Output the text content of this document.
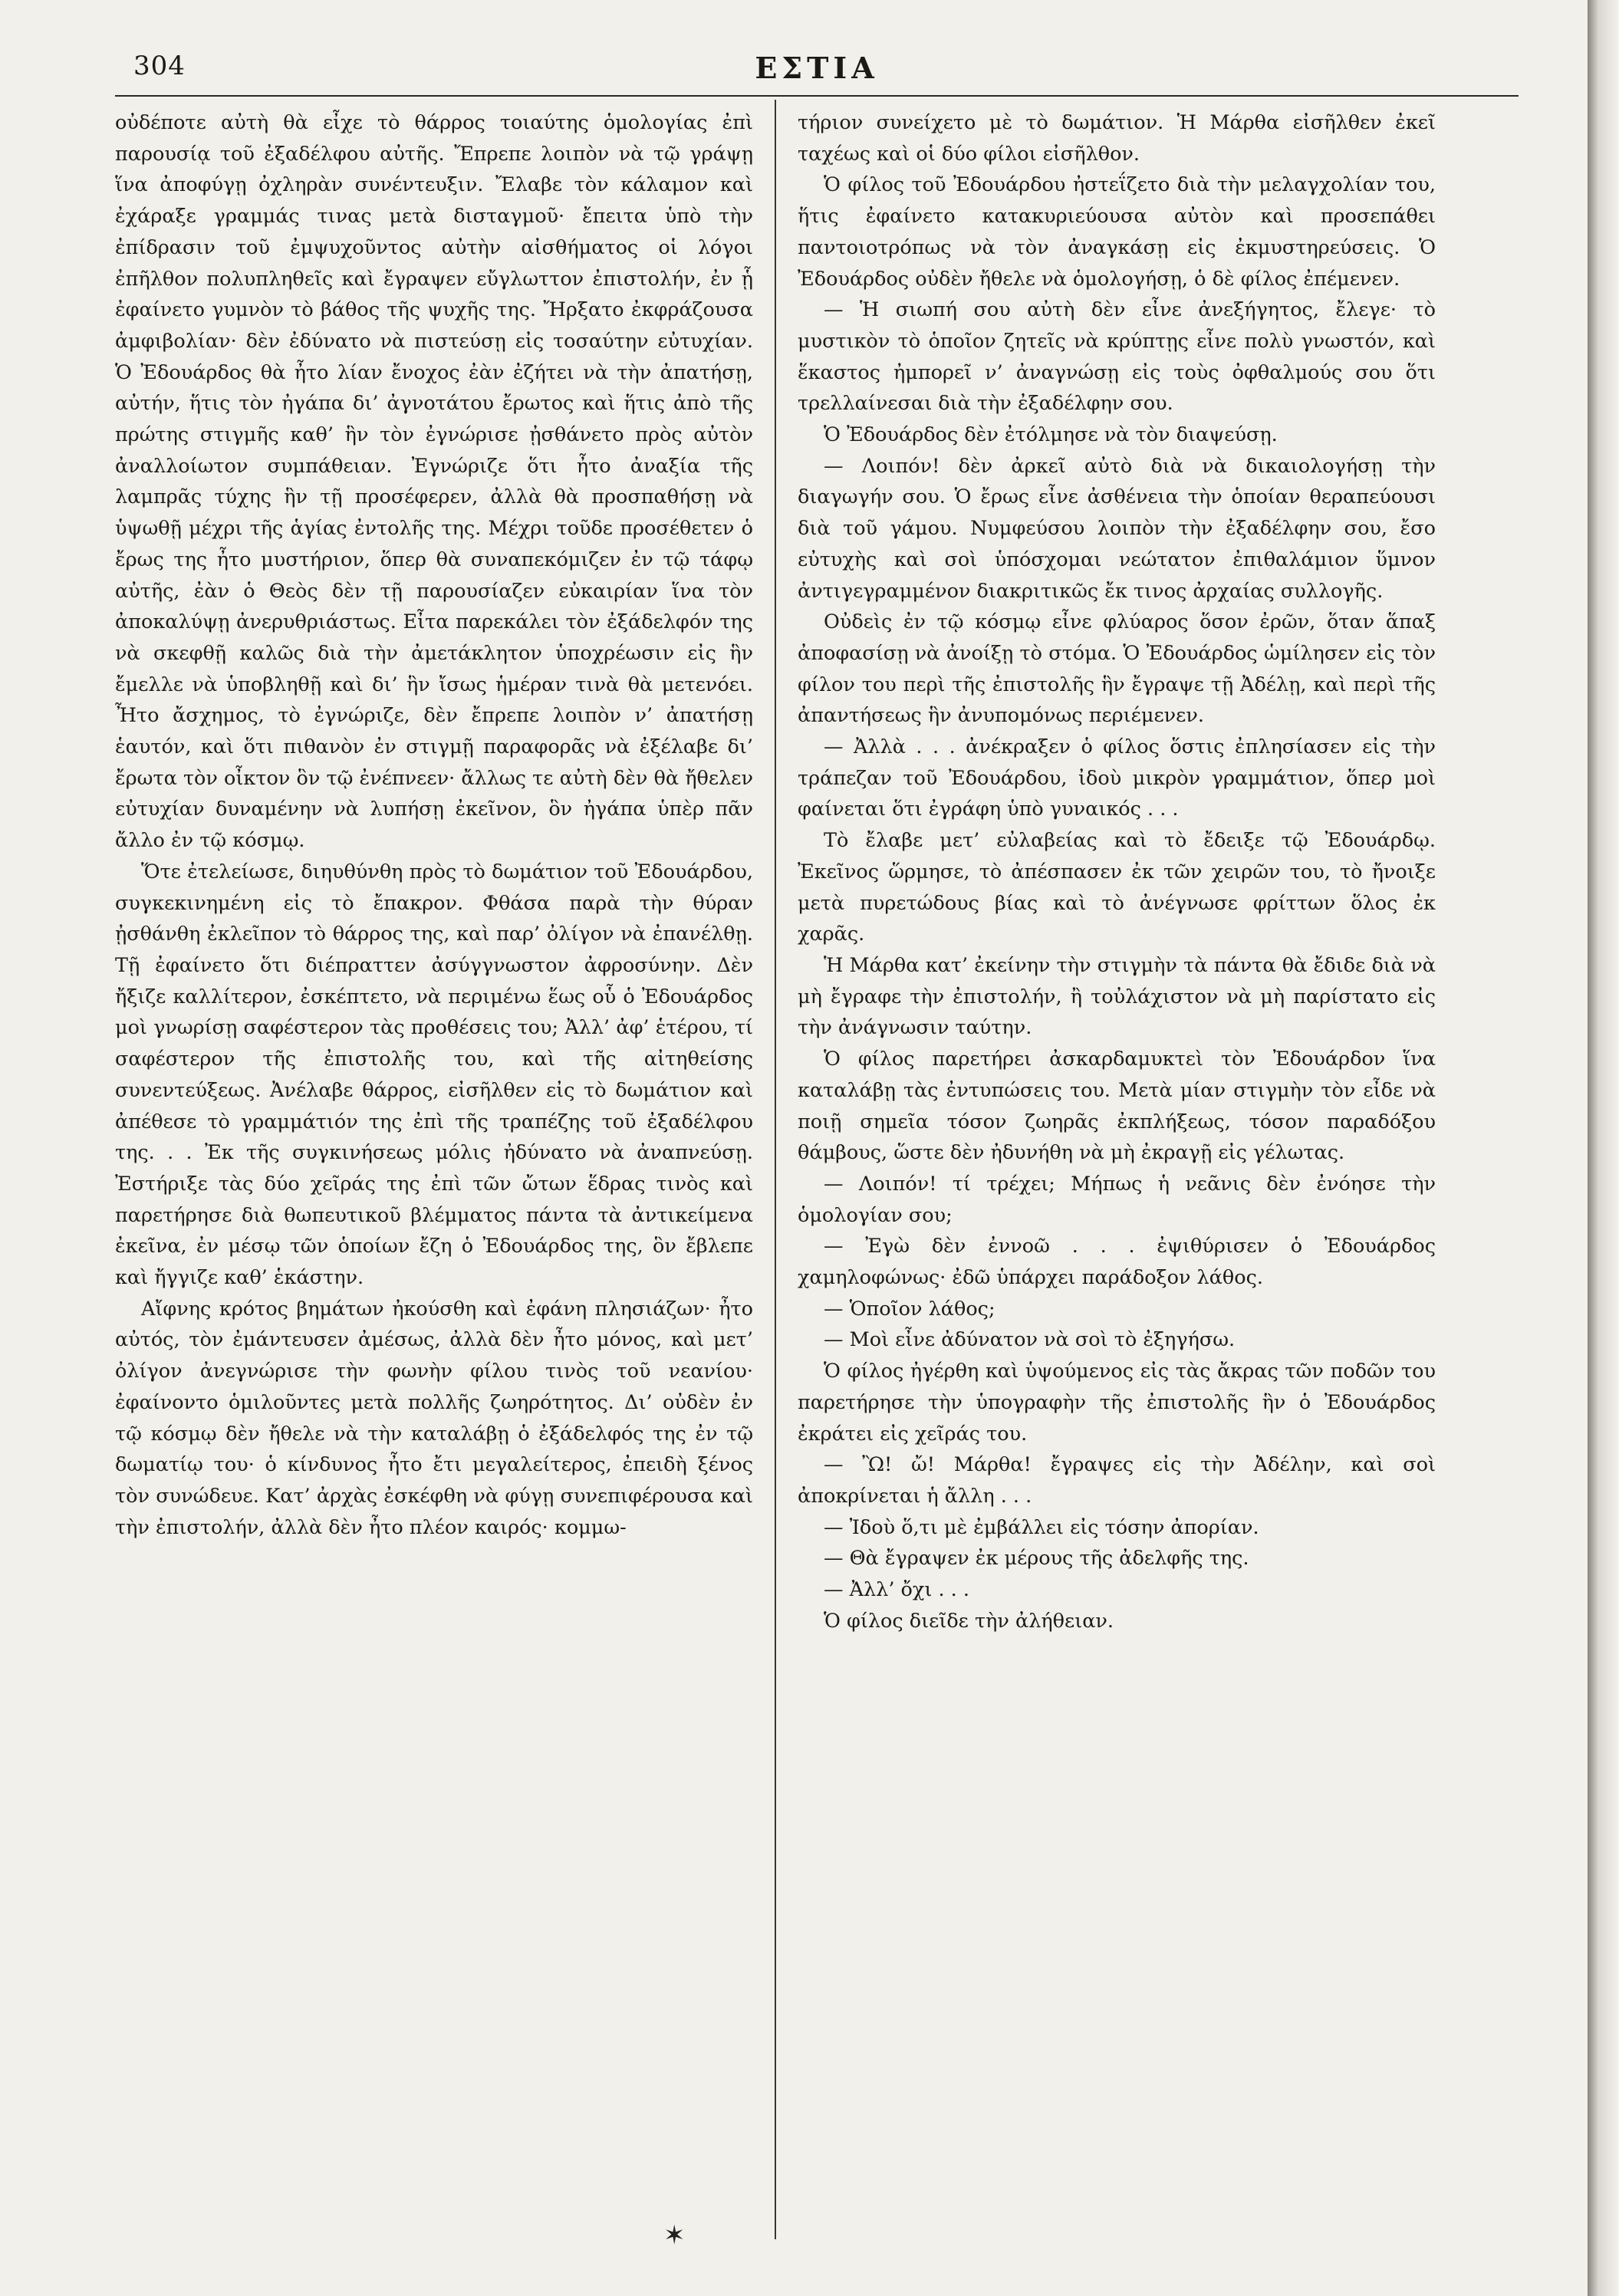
304	ΕΣΤΙΑ

οὐδέποτε αὐτὴ θὰ εἶχε τὸ θάρρος τοιαύτης ὁμολογίας ἐπὶ παρουσίᾳ τοῦ ἐξαδέλφου αὐτῆς. Ἔπρεπε λοιπὸν νὰ τῷ γράψῃ ἵνα ἀποφύγῃ ὀχληρὰν συνέντευξιν. Ἔλαβε τὸν κάλαμον καὶ ἐχάραξε γραμμάς τινας μετὰ δισταγμοῦ· ἔπειτα ὑπὸ τὴν ἐπίδρασιν τοῦ ἐμψυχοῦντος αὐτὴν αἰσθήματος οἱ λόγοι ἐπῆλθον πολυπληθεῖς καὶ ἔγραψεν εὔγλωττον ἐπιστολήν, ἐν ᾗ ἐφαίνετο γυμνὸν τὸ βάθος τῆς ψυχῆς της. Ἤρξατο ἐκφράζουσα ἀμφιβολίαν· δὲν ἐδύνατο νὰ πιστεύσῃ εἰς τοσαύτην εὐτυχίαν. Ὁ Ἐδουάρδος θὰ ἦτο λίαν ἔνοχος ἐὰν ἐζήτει νὰ τὴν ἀπατήσῃ, αὐτήν, ἥτις τὸν ἠγάπα δι’ ἀγνοτάτου ἔρωτος καὶ ἥτις ἀπὸ τῆς πρώτης στιγμῆς καθ’ ἣν τὸν ἐγνώρισε ᾐσθάνετο πρὸς αὐτὸν ἀναλλοίωτον συμπάθειαν. Ἐγνώριζε ὅτι ἦτο ἀναξία τῆς λαμπρᾶς τύχης ἣν τῇ προσέφερεν, ἀλλὰ θὰ προσπαθήσῃ νὰ ὑψωθῇ μέχρι τῆς ἁγίας ἐντολῆς της. Μέχρι τοῦδε προσέθετεν ὁ ἔρως της ἦτο μυστήριον, ὅπερ θὰ συναπεκόμιζεν ἐν τῷ τάφῳ αὐτῆς, ἐὰν ὁ Θεὸς δὲν τῇ παρουσίαζεν εὐκαιρίαν ἵνα τὸν ἀποκαλύψῃ ἀνερυθριάστως. Εἶτα παρεκάλει τὸν ἐξάδελφόν της νὰ σκεφθῇ καλῶς διὰ τὴν ἀμετάκλητον ὑποχρέωσιν εἰς ἣν ἔμελλε νὰ ὑποβληθῇ καὶ δι’ ἣν ἴσως ἡμέραν τινὰ θὰ μετενόει. Ἦτο ἄσχημος, τὸ ἐγνώριζε, δὲν ἔπρεπε λοιπὸν ν’ ἀπατήσῃ ἑαυτόν, καὶ ὅτι πιθανὸν ἐν στιγμῇ παραφορᾶς νὰ ἐξέλαβε δι’ ἔρωτα τὸν οἶκτον ὃν τῷ ἐνέπνεεν· ἄλλως τε αὐτὴ δὲν θὰ ἤθελεν εὐτυχίαν δυναμένην νὰ λυπήσῃ ἐκεῖνον, ὃν ἠγάπα ὑπὲρ πᾶν ἄλλο ἐν τῷ κόσμῳ.

Ὅτε ἐτελείωσε, διηυθύνθη πρὸς τὸ δωμάτιον τοῦ Ἐδουάρδου, συγκεκινημένη εἰς τὸ ἔπακρον. Φθάσα παρὰ τὴν θύραν ᾐσθάνθη ἐκλεῖπον τὸ θάρρος της, καὶ παρ’ ὀλίγον νὰ ἐπανέλθῃ. Τῇ ἐφαίνετο ὅτι διέπραττεν ἀσύγγνωστον ἀφροσύνην. Δὲν ἤξιζε καλλίτερον, ἐσκέπτετο, νὰ περιμένω ἕως οὗ ὁ Ἐδουάρδος μοὶ γνωρίσῃ σαφέστερον τὰς προθέσεις του; Ἀλλ’ ἀφ’ ἑτέρου, τί σαφέστερον τῆς ἐπιστολῆς του, καὶ τῆς αἰτηθείσης συνεντεύξεως. Ἀνέλαβε θάρρος, εἰσῆλθεν εἰς τὸ δωμάτιον καὶ ἀπέθεσε τὸ γραμμάτιόν της ἐπὶ τῆς τραπέζης τοῦ ἐξαδέλφου της. . . Ἐκ τῆς συγκινήσεως μόλις ἠδύνατο νὰ ἀναπνεύσῃ. Ἐστήριξε τὰς δύο χεῖράς της ἐπὶ τῶν ὤτων ἕδρας τινὸς καὶ παρετήρησε διὰ θωπευτικοῦ βλέμματος πάντα τὰ ἀντικείμενα ἐκεῖνα, ἐν μέσῳ τῶν ὁποίων ἔζη ὁ Ἐδουάρδος της, ὃν ἔβλεπε καὶ ἤγγιζε καθ’ ἑκάστην.

Αἴφνης κρότος βημάτων ἠκούσθη καὶ ἐφάνη πλησιάζων· ἦτο αὐτός, τὸν ἐμάντευσεν ἀμέσως, ἀλλὰ δὲν ἦτο μόνος, καὶ μετ’ ὀλίγον ἀνεγνώρισε τὴν φωνὴν φίλου τινὸς τοῦ νεανίου· ἐφαίνοντο ὁμιλοῦντες μετὰ πολλῆς ζωηρότητος. Δι’ οὐδὲν ἐν τῷ κόσμῳ δὲν ἤθελε νὰ τὴν καταλάβῃ ὁ ἐξάδελφός της ἐν τῷ δωματίῳ του· ὁ κίνδυνος ἦτο ἔτι μεγαλείτερος, ἐπειδὴ ξένος τὸν συνώδευε. Κατ’ ἀρχὰς ἐσκέφθη νὰ φύγῃ συνεπιφέρουσα καὶ τὴν ἐπιστολήν, ἀλλὰ δὲν ἦτο πλέον καιρός· κομμω-

τήριον συνείχετο μὲ τὸ δωμάτιον. Ἡ Μάρθα εἰσῆλθεν ἐκεῖ ταχέως καὶ οἱ δύο φίλοι εἰσῆλθον.

Ὁ φίλος τοῦ Ἐδουάρδου ἠστεΐζετο διὰ τὴν μελαγχολίαν του, ἥτις ἐφαίνετο κατακυριεύουσα αὐτὸν καὶ προσεπάθει παντοιοτρόπως νὰ τὸν ἀναγκάσῃ εἰς ἐκμυστηρεύσεις. Ὁ Ἐδουάρδος οὐδὲν ἤθελε νὰ ὁμολογήσῃ, ὁ δὲ φίλος ἐπέμενεν.

— Ἡ σιωπή σου αὐτὴ δὲν εἶνε ἀνεξήγητος, ἔλεγε· τὸ μυστικὸν τὸ ὁποῖον ζητεῖς νὰ κρύπτῃς εἶνε πολὺ γνωστόν, καὶ ἕκαστος ἠμπορεῖ ν’ ἀναγνώσῃ εἰς τοὺς ὀφθαλμούς σου ὅτι τρελλαίνεσαι διὰ τὴν ἐξαδέλφην σου.

Ὁ Ἐδουάρδος δὲν ἐτόλμησε νὰ τὸν διαψεύσῃ.

— Λοιπόν! δὲν ἀρκεῖ αὐτὸ διὰ νὰ δικαιολογήσῃ τὴν διαγωγήν σου. Ὁ ἔρως εἶνε ἀσθένεια τὴν ὁποίαν θεραπεύουσι διὰ τοῦ γάμου. Νυμφεύσου λοιπὸν τὴν ἐξαδέλφην σου, ἔσο εὐτυχὴς καὶ σοὶ ὑπόσχομαι νεώτατον ἐπιθαλάμιον ὕμνον ἀντιγεγραμμένον διακριτικῶς ἔκ τινος ἀρχαίας συλλογῆς.

Οὐδεὶς ἐν τῷ κόσμῳ εἶνε φλύαρος ὅσον ἐρῶν, ὅταν ἅπαξ ἀποφασίσῃ νὰ ἀνοίξῃ τὸ στόμα. Ὁ Ἐδουάρδος ὡμίλησεν εἰς τὸν φίλον του περὶ τῆς ἐπιστολῆς ἣν ἔγραψε τῇ Ἀδέλῃ, καὶ περὶ τῆς ἀπαντήσεως ἣν ἀνυπομόνως περιέμενεν.

— Ἀλλὰ . . . ἀνέκραξεν ὁ φίλος ὅστις ἐπλησίασεν εἰς τὴν τράπεζαν τοῦ Ἐδουάρδου, ἰδοὺ μικρὸν γραμμάτιον, ὅπερ μοὶ φαίνεται ὅτι ἐγράφη ὑπὸ γυναικός . . .

Τὸ ἔλαβε μετ’ εὐλαβείας καὶ τὸ ἔδειξε τῷ Ἐδουάρδῳ. Ἐκεῖνος ὥρμησε, τὸ ἀπέσπασεν ἐκ τῶν χειρῶν του, τὸ ἤνοιξε μετὰ πυρετώδους βίας καὶ τὸ ἀνέγνωσε φρίττων ὅλος ἐκ χαρᾶς.

Ἡ Μάρθα κατ’ ἐκείνην τὴν στιγμὴν τὰ πάντα θὰ ἔδιδε διὰ νὰ μὴ ἔγραφε τὴν ἐπιστολήν, ἢ τοὐλάχιστον νὰ μὴ παρίστατο εἰς τὴν ἀνάγνωσιν ταύτην.

Ὁ φίλος παρετήρει ἀσκαρδαμυκτεὶ τὸν Ἐδουάρδον ἵνα καταλάβῃ τὰς ἐντυπώσεις του. Μετὰ μίαν στιγμὴν τὸν εἶδε νὰ ποιῇ σημεῖα τόσον ζωηρᾶς ἐκπλήξεως, τόσον παραδόξου θάμβους, ὥστε δὲν ἠδυνήθη νὰ μὴ ἐκραγῇ εἰς γέλωτας.

— Λοιπόν! τί τρέχει; Μήπως ἡ νεᾶνις δὲν ἐνόησε τὴν ὁμολογίαν σου;

— Ἐγὼ δὲν ἐννοῶ . . . ἐψιθύρισεν ὁ Ἐδουάρδος χαμηλοφώνως· ἐδῶ ὑπάρχει παράδοξον λάθος.

— Ὁποῖον λάθος;

— Μοὶ εἶνε ἀδύνατον νὰ σοὶ τὸ ἐξηγήσω.

Ὁ φίλος ἠγέρθη καὶ ὑψούμενος εἰς τὰς ἄκρας τῶν ποδῶν του παρετήρησε τὴν ὑπογραφὴν τῆς ἐπιστολῆς ἣν ὁ Ἐδουάρδος ἐκράτει εἰς χεῖράς του.

— Ὢ! ὤ! Μάρθα! ἔγραψες εἰς τὴν Ἀδέλην, καὶ σοὶ ἀποκρίνεται ἡ ἄλλη . . .

— Ἰδοὺ ὅ,τι μὲ ἐμβάλλει εἰς τόσην ἀπορίαν.

— Θὰ ἔγραψεν ἐκ μέρους τῆς ἀδελφῆς της.

— Ἀλλ’ ὄχι . . .

Ὁ φίλος διεῖδε τὴν ἀλήθειαν.

✶
